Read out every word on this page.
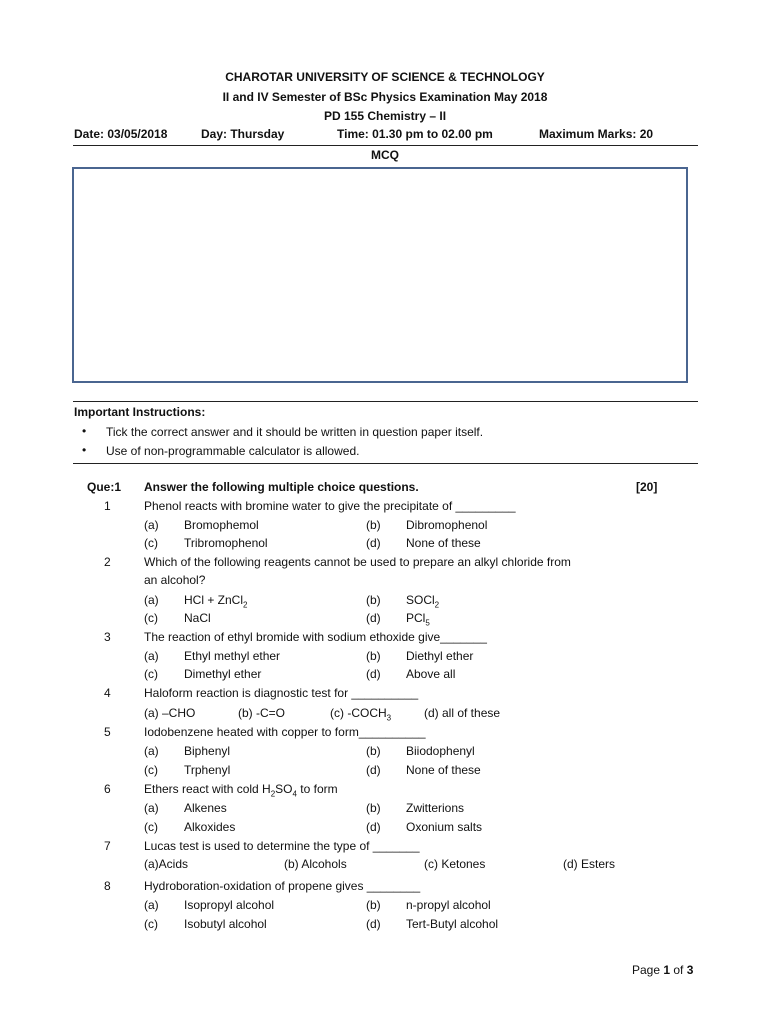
CHAROTAR UNIVERSITY OF SCIENCE & TECHNOLOGY
II and IV Semester of BSc Physics Examination May 2018
PD 155 Chemistry – II
Date: 03/05/2018	Day: Thursday	Time: 01.30 pm to 02.00 pm	Maximum Marks: 20
MCQ
Important Instructions:
• Tick the correct answer and it should be written in question paper itself.
• Use of non-programmable calculator is allowed.
Que:1 Answer the following multiple choice questions.	[20]
1	Phenol reacts with bromine water to give the precipitate of _________
(a) Bromophemol	(b) Dibromophenol
(c) Tribromophenol	(d) None of these
2	Which of the following reagents cannot be used to prepare an alkyl chloride from
an alcohol?
(a) HCl + ZnCl$_2$	(b) SOCl$_2$
(c) NaCl	(d) PCl$_5$
3	The reaction of ethyl bromide with sodium ethoxide give_______
(a) Ethyl methyl ether	(b) Diethyl ether
(c) Dimethyl ether	(d) Above all
4	Haloform reaction is diagnostic test for __________
(a) –CHO	(b) -C=O	(c) $-COCH_3$	(d) all of these
5	Iodobenzene heated with copper to form__________
(a) Biphenyl	(b) Biiodophenyl
(c) Trphenyl	(d) None of these
6	Ethers react with cold $H_2SO_4$ to form
(a) Alkenes	(b) Zwitterions
(c) Alkoxides	(d) Oxonium salts
7	Lucas test is used to determine the type of _______
(a)Acids	(b) Alcohols	(c) Ketones	(d) Esters
8	Hydroboration-oxidation of propene gives ________
(a) Isopropyl alcohol	(b) n-propyl alcohol
(c) Isobutyl alcohol	(d) Tert-Butyl alcohol
Page 1 of 3
